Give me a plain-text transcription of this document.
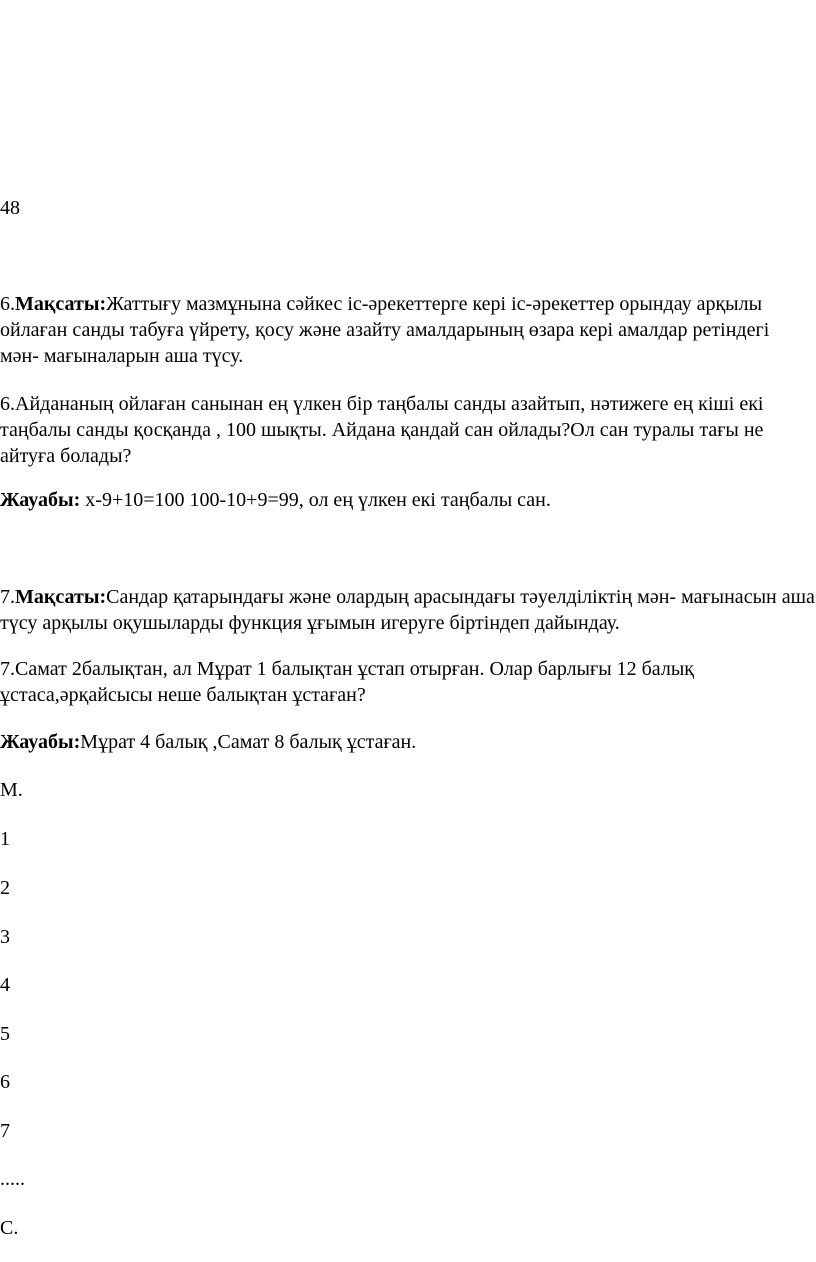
48
6.Мақсаты:Жаттығу мазмұнына сәйкес іс-әрекеттерге кері іс-әрекеттер орындау арқылы ойлаған санды табуға үйрету, қосу және азайту амалдарының өзара кері амалдар ретіндегі мән- мағыналарын аша түсу.
6.Айдананың ойлаған санынан ең үлкен бір таңбалы санды азайтып, нәтижеге ең кіші екі таңбалы санды қосқанда , 100 шықты. Айдана қандай сан ойлады?Ол сан туралы тағы не айтуға болады?
Жауабы: x-9+10=100 100-10+9=99, ол ең үлкен екі таңбалы сан.
7.Мақсаты:Сандар қатарындағы және олардың арасындағы тәуелділіктің мән- мағынасын аша түсу арқылы оқушыларды функция ұғымын игеруге біртіндеп дайындау.
7.Самат 2балықтан, ал Мұрат 1 балықтан ұстап отырған. Олар барлығы 12 балық ұстаса,әрқайсысы неше балықтан ұстаған?
Жауабы:Мұрат 4 балық ,Самат 8 балық ұстаған.
М.
1
2
3
4
5
6
7
.....
С.
